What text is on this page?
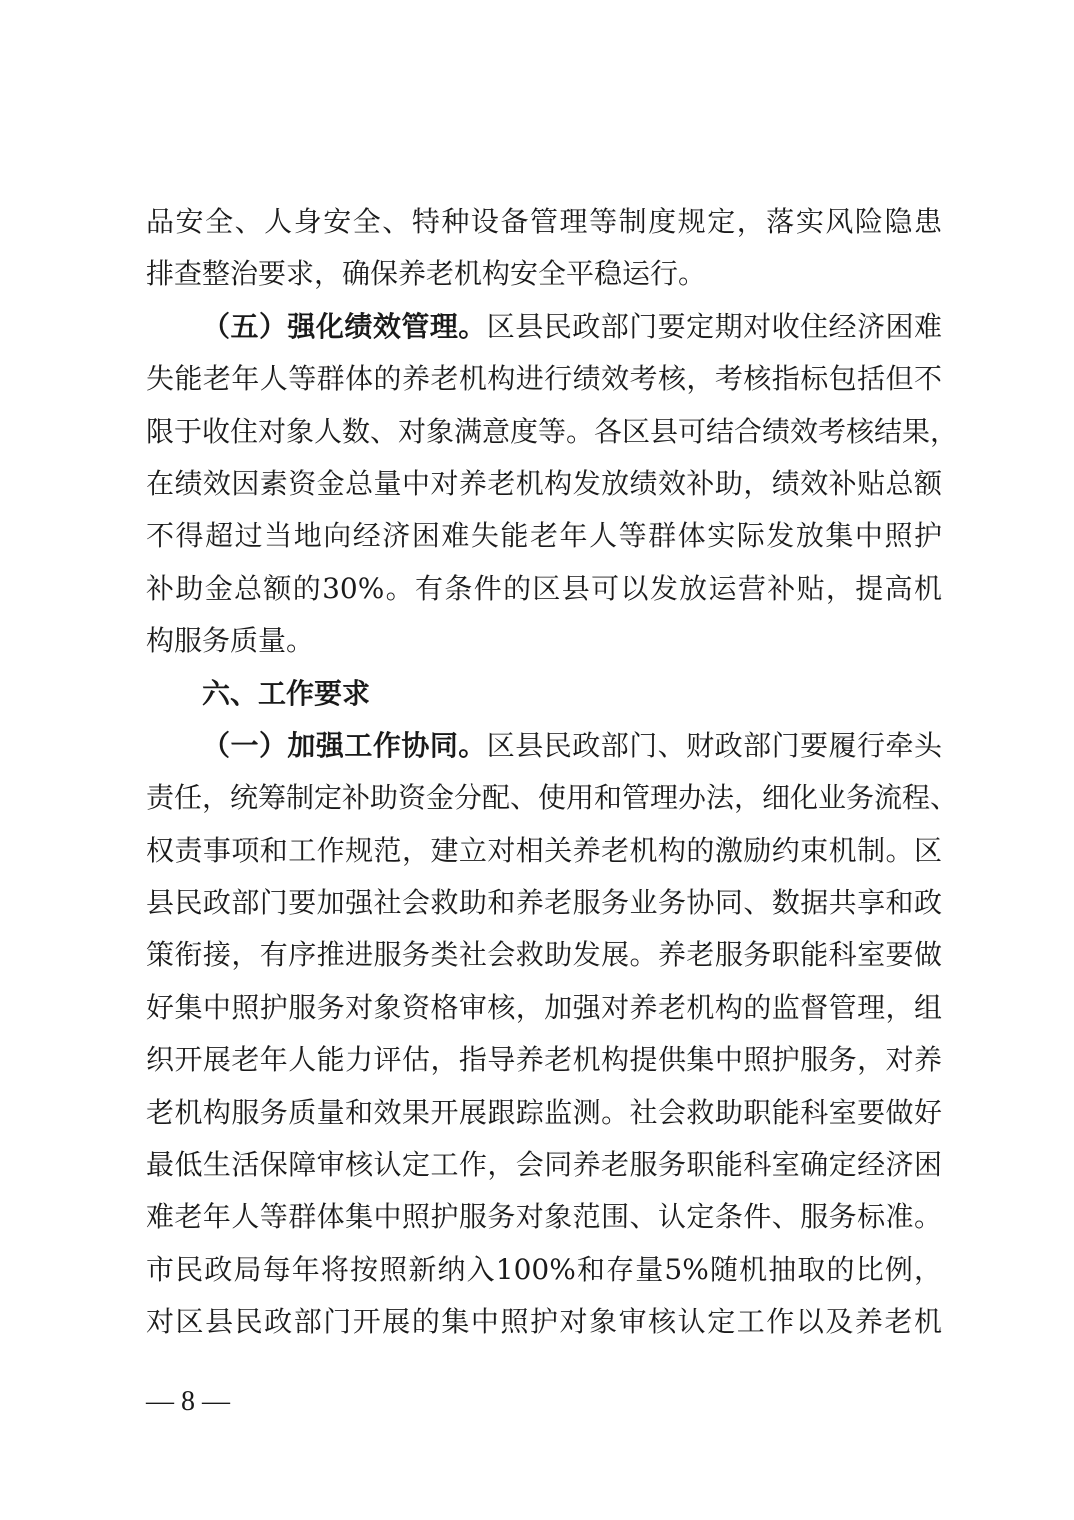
品安全、人身安全、特种设备管理等制度规定，落实风险隐患
排查整治要求，确保养老机构安全平稳运行。
（五）强化绩效管理。区县民政部门要定期对收住经济困难
失能老年人等群体的养老机构进行绩效考核，考核指标包括但不
限于收住对象人数、对象满意度等。各区县可结合绩效考核结果，
在绩效因素资金总量中对养老机构发放绩效补助，绩效补贴总额
不得超过当地向经济困难失能老年人等群体实际发放集中照护
补助金总额的30%。有条件的区县可以发放运营补贴，提高机
构服务质量。
六、工作要求
（一）加强工作协同。区县民政部门、财政部门要履行牵头
责任，统筹制定补助资金分配、使用和管理办法，细化业务流程、
权责事项和工作规范，建立对相关养老机构的激励约束机制。区
县民政部门要加强社会救助和养老服务业务协同、数据共享和政
策衔接，有序推进服务类社会救助发展。养老服务职能科室要做
好集中照护服务对象资格审核，加强对养老机构的监督管理，组
织开展老年人能力评估，指导养老机构提供集中照护服务，对养
老机构服务质量和效果开展跟踪监测。社会救助职能科室要做好
最低生活保障审核认定工作，会同养老服务职能科室确定经济困
难老年人等群体集中照护服务对象范围、认定条件、服务标准。
市民政局每年将按照新纳入100%和存量5%随机抽取的比例，
对区县民政部门开展的集中照护对象审核认定工作以及养老机
— 8 —
